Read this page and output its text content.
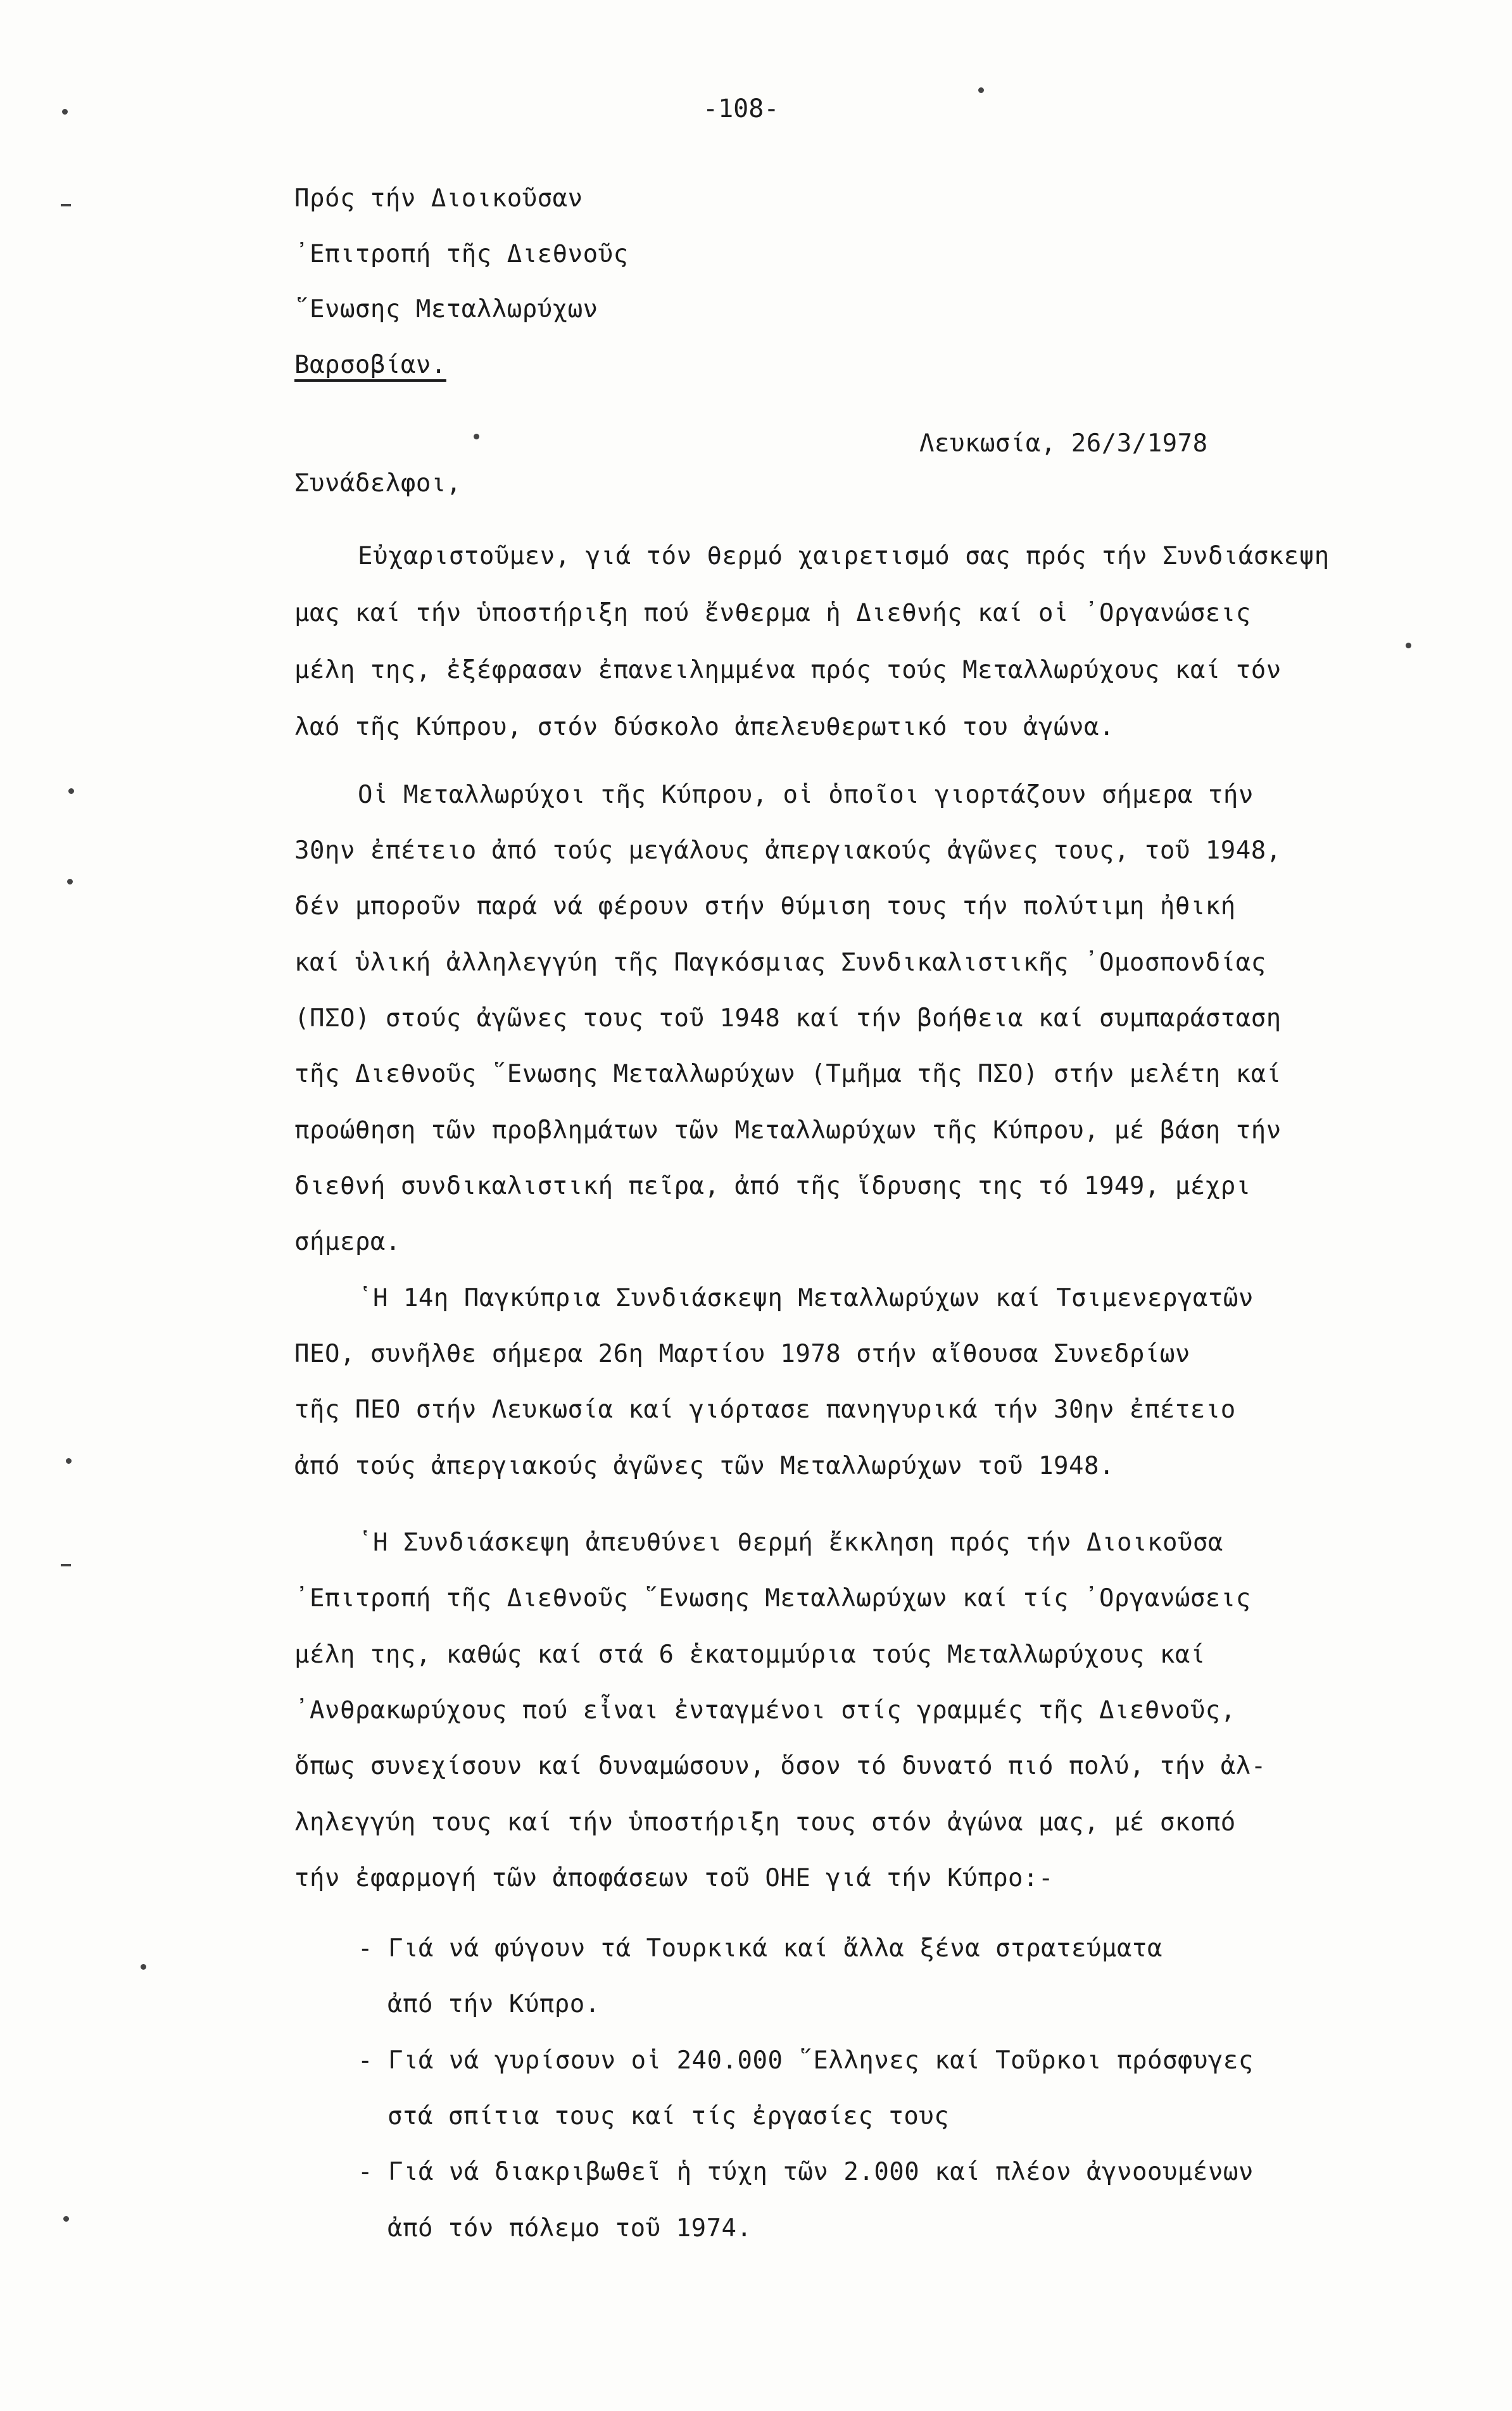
-108-
Πρός τήν Διοικοῦσαν
᾿Επιτροπή τῆς Διεθνοῦς
῞Ενωσης Μεταλλωρύχων
Βαρσοβίαν.
Λευκωσία, 26/3/1978
Συνάδελφοι,
Εὐχαριστοῦμεν, γιά τόν θερμό χαιρετισμό σας πρός τήν Συνδιάσκεψη
μας καί τήν ὑποστήριξη πού ἔνθερμα ἡ Διεθνής καί οἱ ᾿Οργανώσεις
μέλη της, ἐξέφρασαν ἐπανειλημμένα πρός τούς Μεταλλωρύχους καί τόν
λαό τῆς Κύπρου, στόν δύσκολο ἀπελευθερωτικό του ἀγώνα.
Οἱ Μεταλλωρύχοι τῆς Κύπρου, οἱ ὁποῖοι γιορτάζουν σήμερα τήν
30ην ἐπέτειο ἀπό τούς μεγάλους ἀπεργιακούς ἀγῶνες τους, τοῦ 1948,
δέν μποροῦν παρά νά φέρουν στήν θύμιση τους τήν πολύτιμη ἠθική
καί ὑλική ἀλληλεγγύη τῆς Παγκόσμιας Συνδικαλιστικῆς ᾿Ομοσπονδίας
(ΠΣΟ) στούς ἀγῶνες τους τοῦ 1948 καί τήν βοήθεια καί συμπαράσταση
τῆς Διεθνοῦς ῞Ενωσης Μεταλλωρύχων (Τμῆμα τῆς ΠΣΟ) στήν μελέτη καί
προώθηση τῶν προβλημάτων τῶν Μεταλλωρύχων τῆς Κύπρου, μέ βάση τήν
διεθνή συνδικαλιστική πεῖρα, ἀπό τῆς ἵδρυσης της τό 1949, μέχρι
σήμερα.
῾Η 14η Παγκύπρια Συνδιάσκεψη Μεταλλωρύχων καί Τσιμενεργατῶν
ΠΕΟ, συνῆλθε σήμερα 26η Μαρτίου 1978 στήν αἴθουσα Συνεδρίων
τῆς ΠΕΟ στήν Λευκωσία καί γιόρτασε πανηγυρικά τήν 30ην ἐπέτειο
ἀπό τούς ἀπεργιακούς ἀγῶνες τῶν Μεταλλωρύχων τοῦ 1948.
῾Η Συνδιάσκεψη ἀπευθύνει θερμή ἔκκληση πρός τήν Διοικοῦσα
᾿Επιτροπή τῆς Διεθνοῦς ῞Ενωσης Μεταλλωρύχων καί τίς ᾿Οργανώσεις
μέλη της, καθώς καί στά 6 ἑκατομμύρια τούς Μεταλλωρύχους καί
᾿Ανθρακωρύχους πού εἶναι ἐνταγμένοι στίς γραμμές τῆς Διεθνοῦς,
ὅπως συνεχίσουν καί δυναμώσουν, ὅσον τό δυνατό πιό πολύ, τήν ἀλ-
ληλεγγύη τους καί τήν ὑποστήριξη τους στόν ἀγώνα μας, μέ σκοπό
τήν ἐφαρμογή τῶν ἀποφάσεων τοῦ ΟΗΕ γιά τήν Κύπρο:-
- Γιά νά φύγουν τά Τουρκικά καί ἄλλα ξένα στρατεύματα
ἀπό τήν Κύπρο.
- Γιά νά γυρίσουν οἱ 240.000 ῞Ελληνες καί Τοῦρκοι πρόσφυγες
στά σπίτια τους καί τίς ἐργασίες τους
- Γιά νά διακριβωθεῖ ἡ τύχη τῶν 2.000 καί πλέον ἀγνοουμένων
ἀπό τόν πόλεμο τοῦ 1974.
